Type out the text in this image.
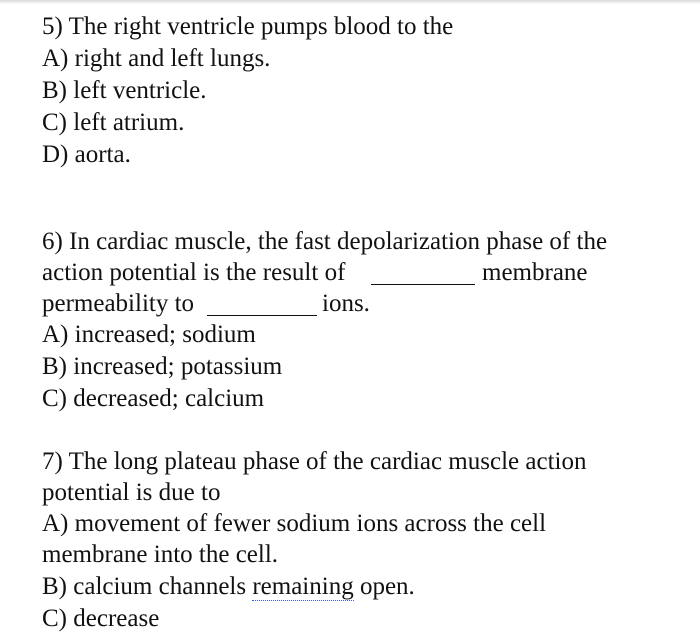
5) The right ventricle pumps blood to the
A) right and left lungs.
B) left ventricle.
C) left atrium.
D) aorta.
6) In cardiac muscle, the fast depolarization phase of the
action potential is the result of	membrane
permeability to	ions.
A) increased; sodium
B) increased; potassium
C) decreased; calcium
7) The long plateau phase of the cardiac muscle action
potential is due to
A) movement of fewer sodium ions across the cell
membrane into the cell.
B) calcium channels remaining open.
C) decrease
